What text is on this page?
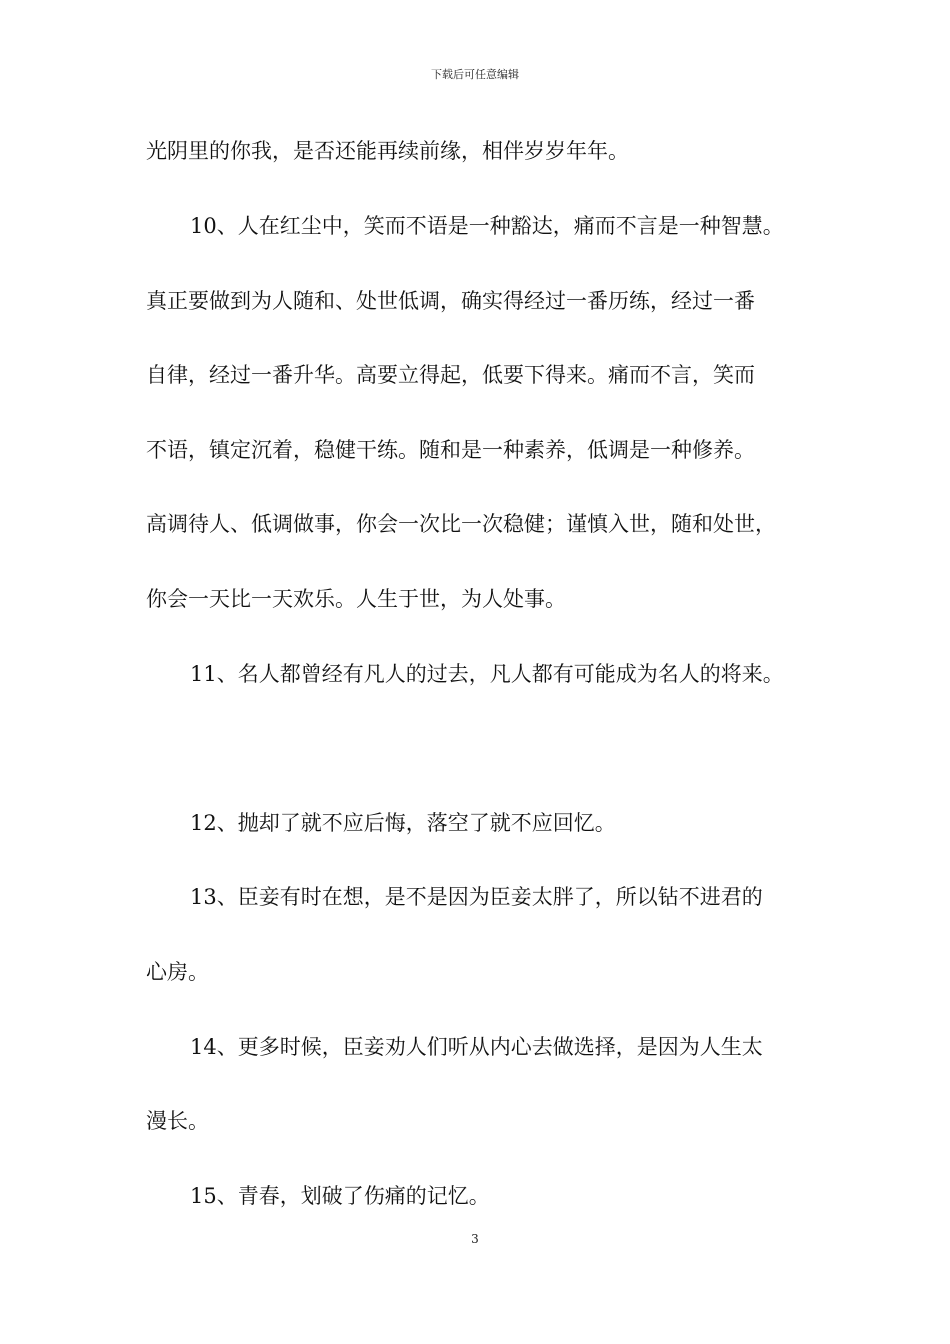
下载后可任意编辑
光阴里的你我，是否还能再续前缘，相伴岁岁年年。
10、人在红尘中，笑而不语是一种豁达，痛而不言是一种智慧。
真正要做到为人随和、处世低调，确实得经过一番历练，经过一番
自律，经过一番升华。高要立得起，低要下得来。痛而不言，笑而
不语，镇定沉着，稳健干练。随和是一种素养，低调是一种修养。
高调待人、低调做事，你会一次比一次稳健；谨慎入世，随和处世，
你会一天比一天欢乐。人生于世，为人处事。
11、名人都曾经有凡人的过去，凡人都有可能成为名人的将来。
12、抛却了就不应后悔，落空了就不应回忆。
13、臣妾有时在想，是不是因为臣妾太胖了，所以钻不进君的
心房。
14、更多时候，臣妾劝人们听从内心去做选择，是因为人生太
漫长。
15、青春，划破了伤痛的记忆。
3
